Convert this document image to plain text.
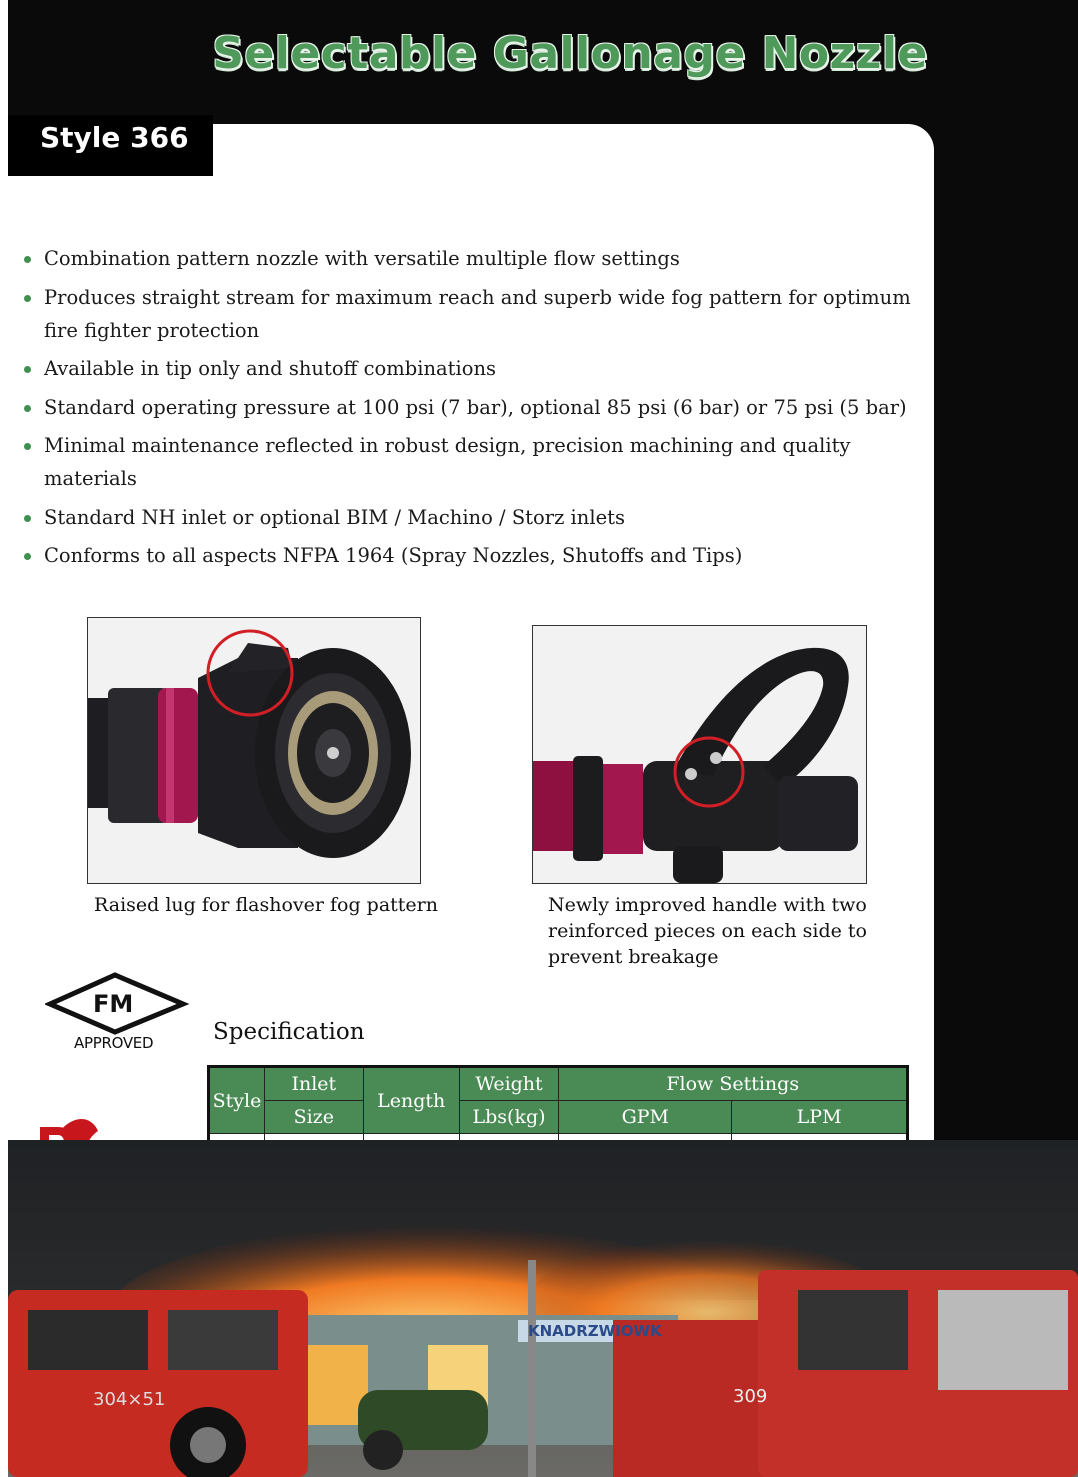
Selectable Gallonage Nozzle
Style 366
Combination pattern nozzle with versatile multiple flow settings
Produces straight stream for maximum reach and superb wide fog pattern for optimum fire fighter protection
Available in tip only and shutoff combinations
Standard operating pressure at 100 psi (7 bar), optional 85 psi (6 bar) or 75 psi (5 bar)
Minimal maintenance reflected in robust design, precision machining and quality materials
Standard NH inlet or optional BIM / Machino / Storz inlets
Conforms to all aspects NFPA 1964 (Spray Nozzles, Shutoffs and Tips)
Raised lug for flashover fog pattern	Newly improved handle with two
reinforced pieces on each side to
prevent breakage
FM
APPROVED	Specification
Style	Inlet	Length	Weight	Flow Settings	
	Size		Lbs(kg)	GPM	LPM

304×51	309
KNADRZWIOWK
